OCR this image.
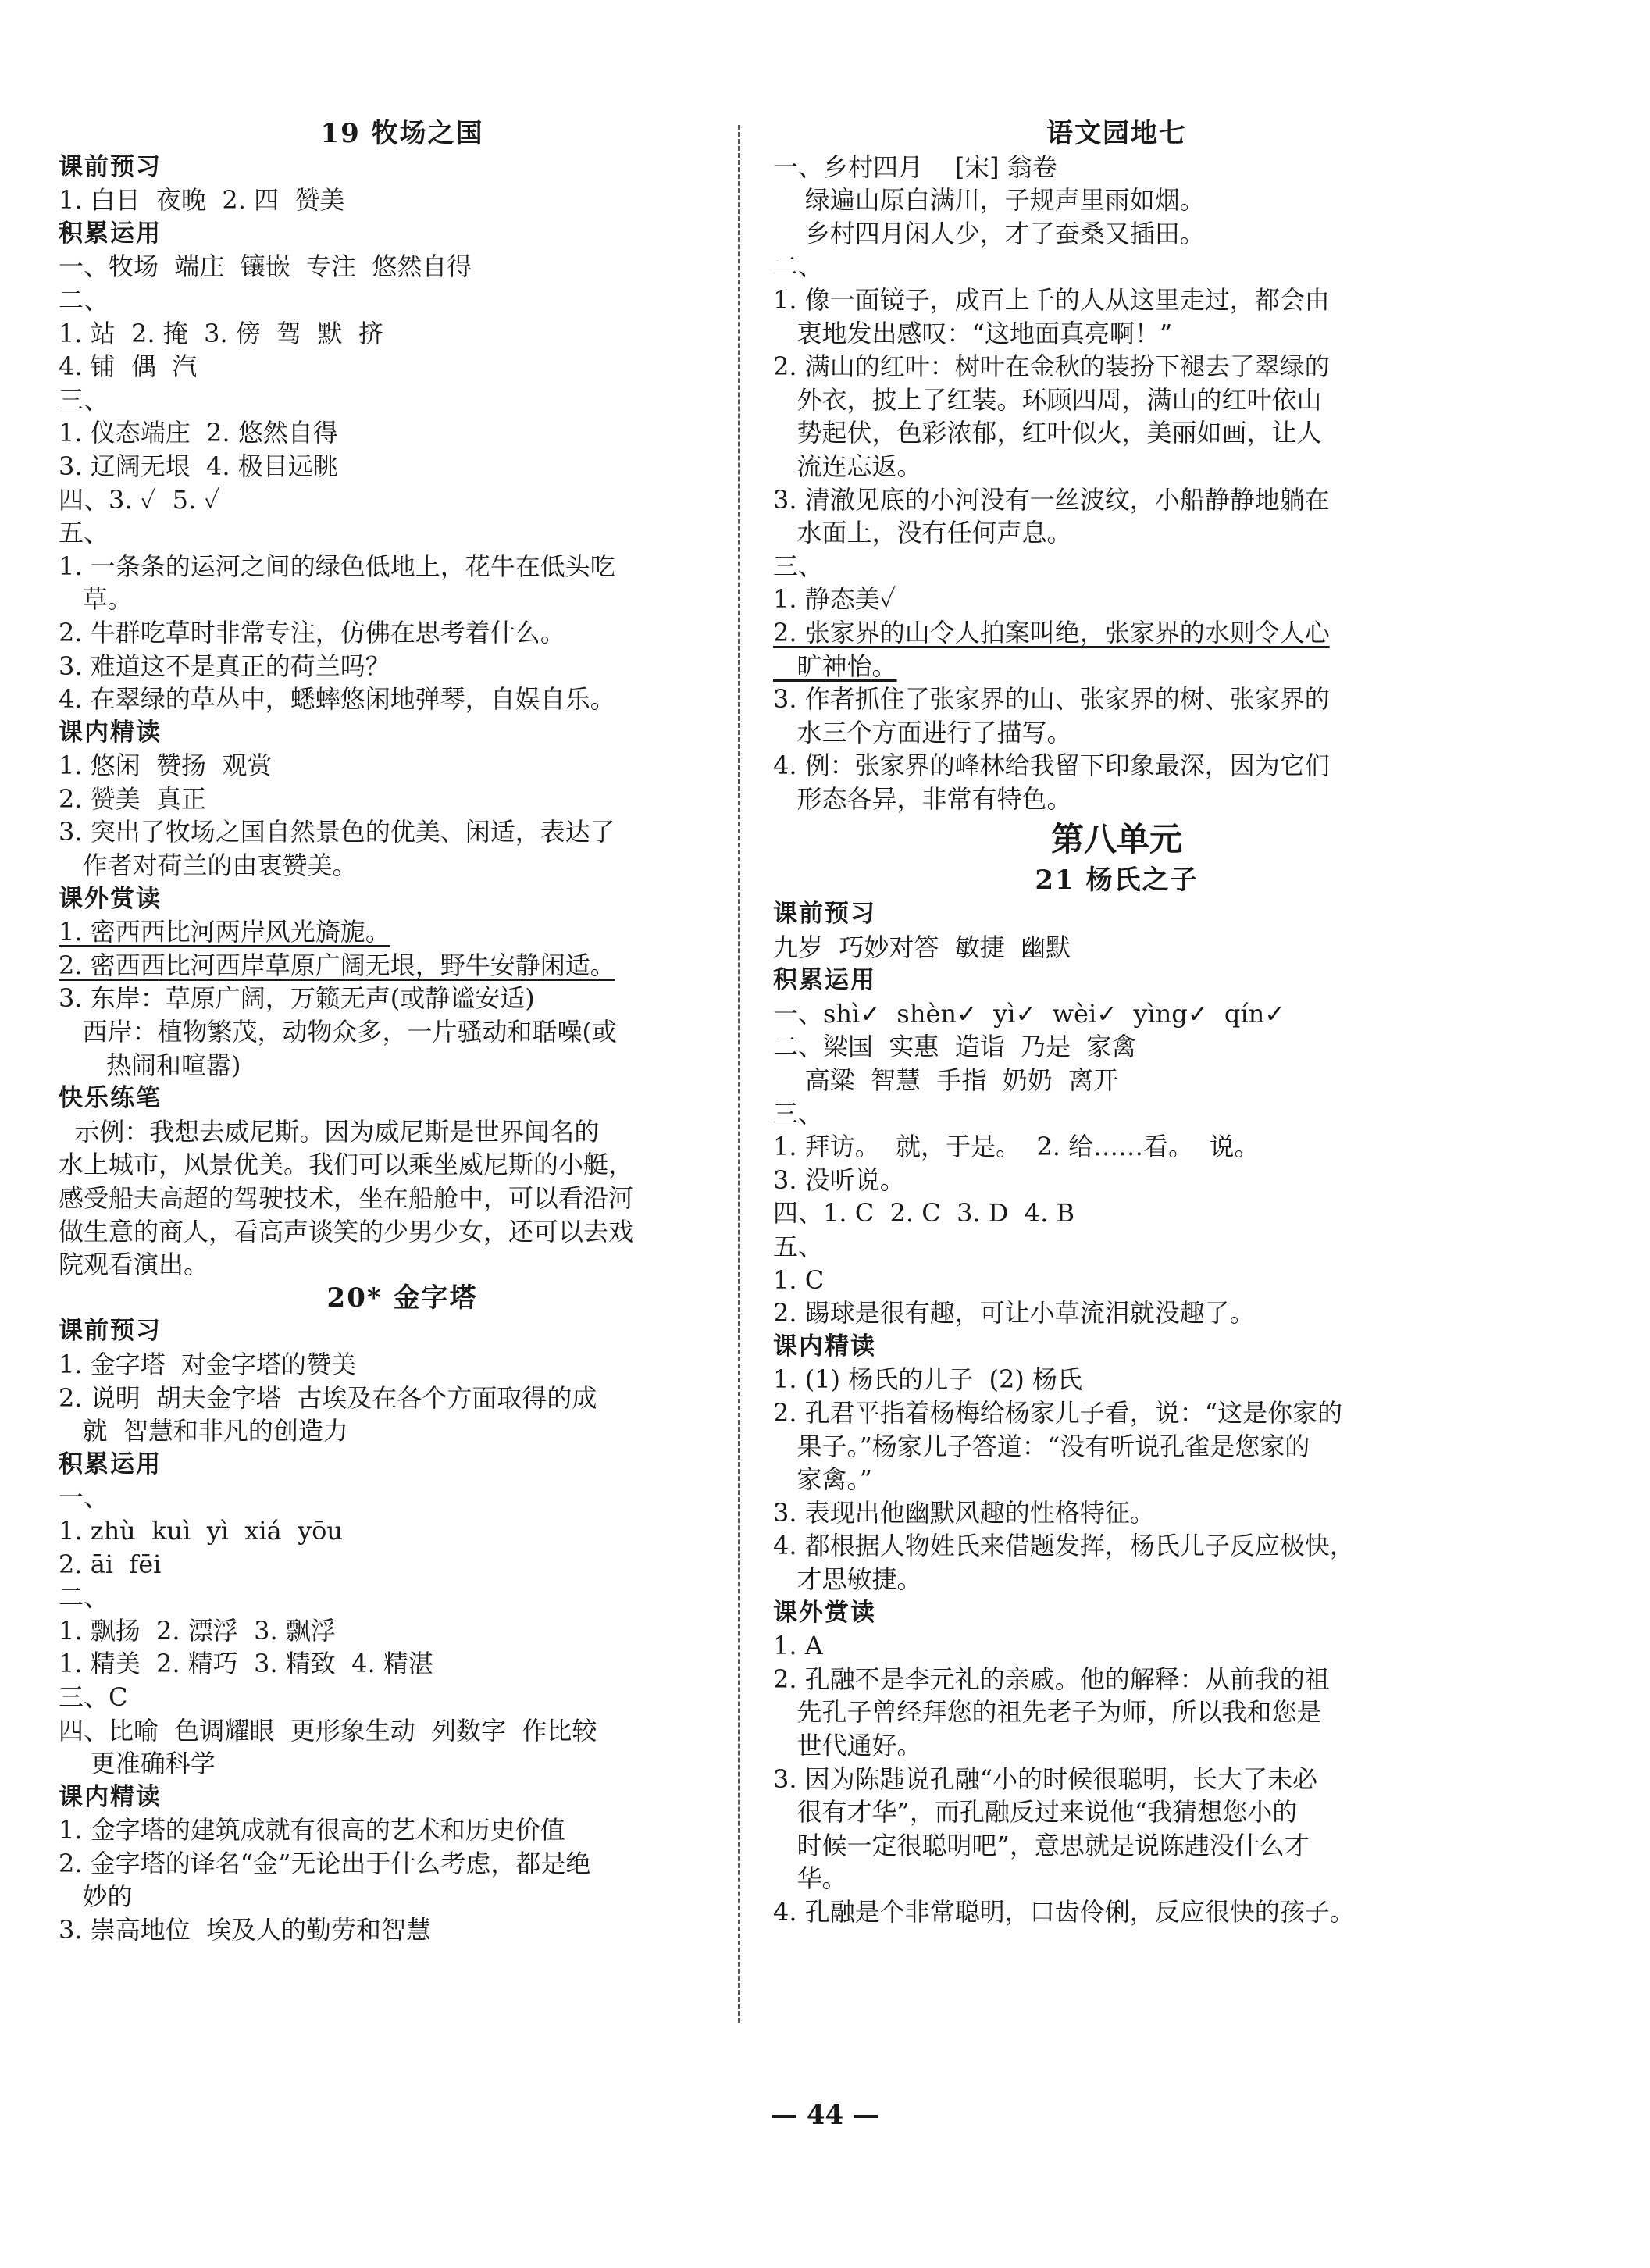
19 牧场之国
课前预习
1. 白日  夜晚  2. 四  赞美
积累运用
一、牧场  端庄  镶嵌  专注  悠然自得
二、
1. 站  2. 掩  3. 傍  驾  默  挤
4. 铺  偶  汽
三、
1. 仪态端庄  2. 悠然自得
3. 辽阔无垠  4. 极目远眺
四、3. ✓  5. ✓
五、
1. 一条条的运河之间的绿色低地上，花牛在低头吃
草。
2. 牛群吃草时非常专注，仿佛在思考着什么。
3. 难道这不是真正的荷兰吗？
4. 在翠绿的草丛中，蟋蟀悠闲地弹琴，自娱自乐。
课内精读
1. 悠闲  赞扬  观赏
2. 赞美  真正
3. 突出了牧场之国自然景色的优美、闲适，表达了
作者对荷兰的由衷赞美。
课外赏读
1. 密西西比河两岸风光旖旎。
2. 密西西比河西岸草原广阔无垠，野牛安静闲适。
3. 东岸：草原广阔，万籁无声(或静谧安适)
西岸：植物繁茂，动物众多，一片骚动和聒噪(或
热闹和喧嚣)
快乐练笔
示例：我想去威尼斯。因为威尼斯是世界闻名的
水上城市，风景优美。我们可以乘坐威尼斯的小艇，
感受船夫高超的驾驶技术，坐在船舱中，可以看沿河
做生意的商人，看高声谈笑的少男少女，还可以去戏
院观看演出。
20* 金字塔
课前预习
1. 金字塔  对金字塔的赞美
2. 说明  胡夫金字塔  古埃及在各个方面取得的成
就  智慧和非凡的创造力
积累运用
一、
1. zhù  kuì  yì  xiá  yōu
2. āi  fēi
二、
1. 飘扬  2. 漂浮  3. 飘浮
1. 精美  2. 精巧  3. 精致  4. 精湛
三、C
四、比喻  色调耀眼  更形象生动  列数字  作比较
更准确科学
课内精读
1. 金字塔的建筑成就有很高的艺术和历史价值
2. 金字塔的译名“金”无论出于什么考虑，都是绝
妙的
3. 崇高地位  埃及人的勤劳和智慧
语文园地七
一、乡村四月    [宋] 翁卷
绿遍山原白满川，子规声里雨如烟。
乡村四月闲人少，才了蚕桑又插田。
二、
1. 像一面镜子，成百上千的人从这里走过，都会由
衷地发出感叹：“这地面真亮啊！”
2. 满山的红叶：树叶在金秋的装扮下褪去了翠绿的
外衣，披上了红装。环顾四周，满山的红叶依山
势起伏，色彩浓郁，红叶似火，美丽如画，让人
流连忘返。
3. 清澈见底的小河没有一丝波纹，小船静静地躺在
水面上，没有任何声息。
三、
1. 静态美✓
2. 张家界的山令人拍案叫绝，张家界的水则令人心
旷神怡。
3. 作者抓住了张家界的山、张家界的树、张家界的
水三个方面进行了描写。
4. 例：张家界的峰林给我留下印象最深，因为它们
形态各异，非常有特色。
第八单元
21 杨氏之子
课前预习
九岁  巧妙对答  敏捷  幽默
积累运用
一、shì✓  shèn✓  yì✓  wèi✓  yìng✓  qín✓
二、梁国  实惠  造诣  乃是  家禽
高粱  智慧  手指  奶奶  离开
三、
1. 拜访。  就，于是。  2. 给……看。  说。
3. 没听说。
四、1. C  2. C  3. D  4. B
五、
1. C
2. 踢球是很有趣，可让小草流泪就没趣了。
课内精读
1. (1) 杨氏的儿子  (2) 杨氏
2. 孔君平指着杨梅给杨家儿子看，说：“这是你家的
果子。”杨家儿子答道：“没有听说孔雀是您家的
家禽。”
3. 表现出他幽默风趣的性格特征。
4. 都根据人物姓氏来借题发挥，杨氏儿子反应极快，
才思敏捷。
课外赏读
1. A
2. 孔融不是李元礼的亲戚。他的解释：从前我的祖
先孔子曾经拜您的祖先老子为师，所以我和您是
世代通好。
3. 因为陈韪说孔融“小的时候很聪明，长大了未必
很有才华”，而孔融反过来说他“我猜想您小的
时候一定很聪明吧”，意思就是说陈韪没什么才
华。
4. 孔融是个非常聪明，口齿伶俐，反应很快的孩子。
— 44 —
